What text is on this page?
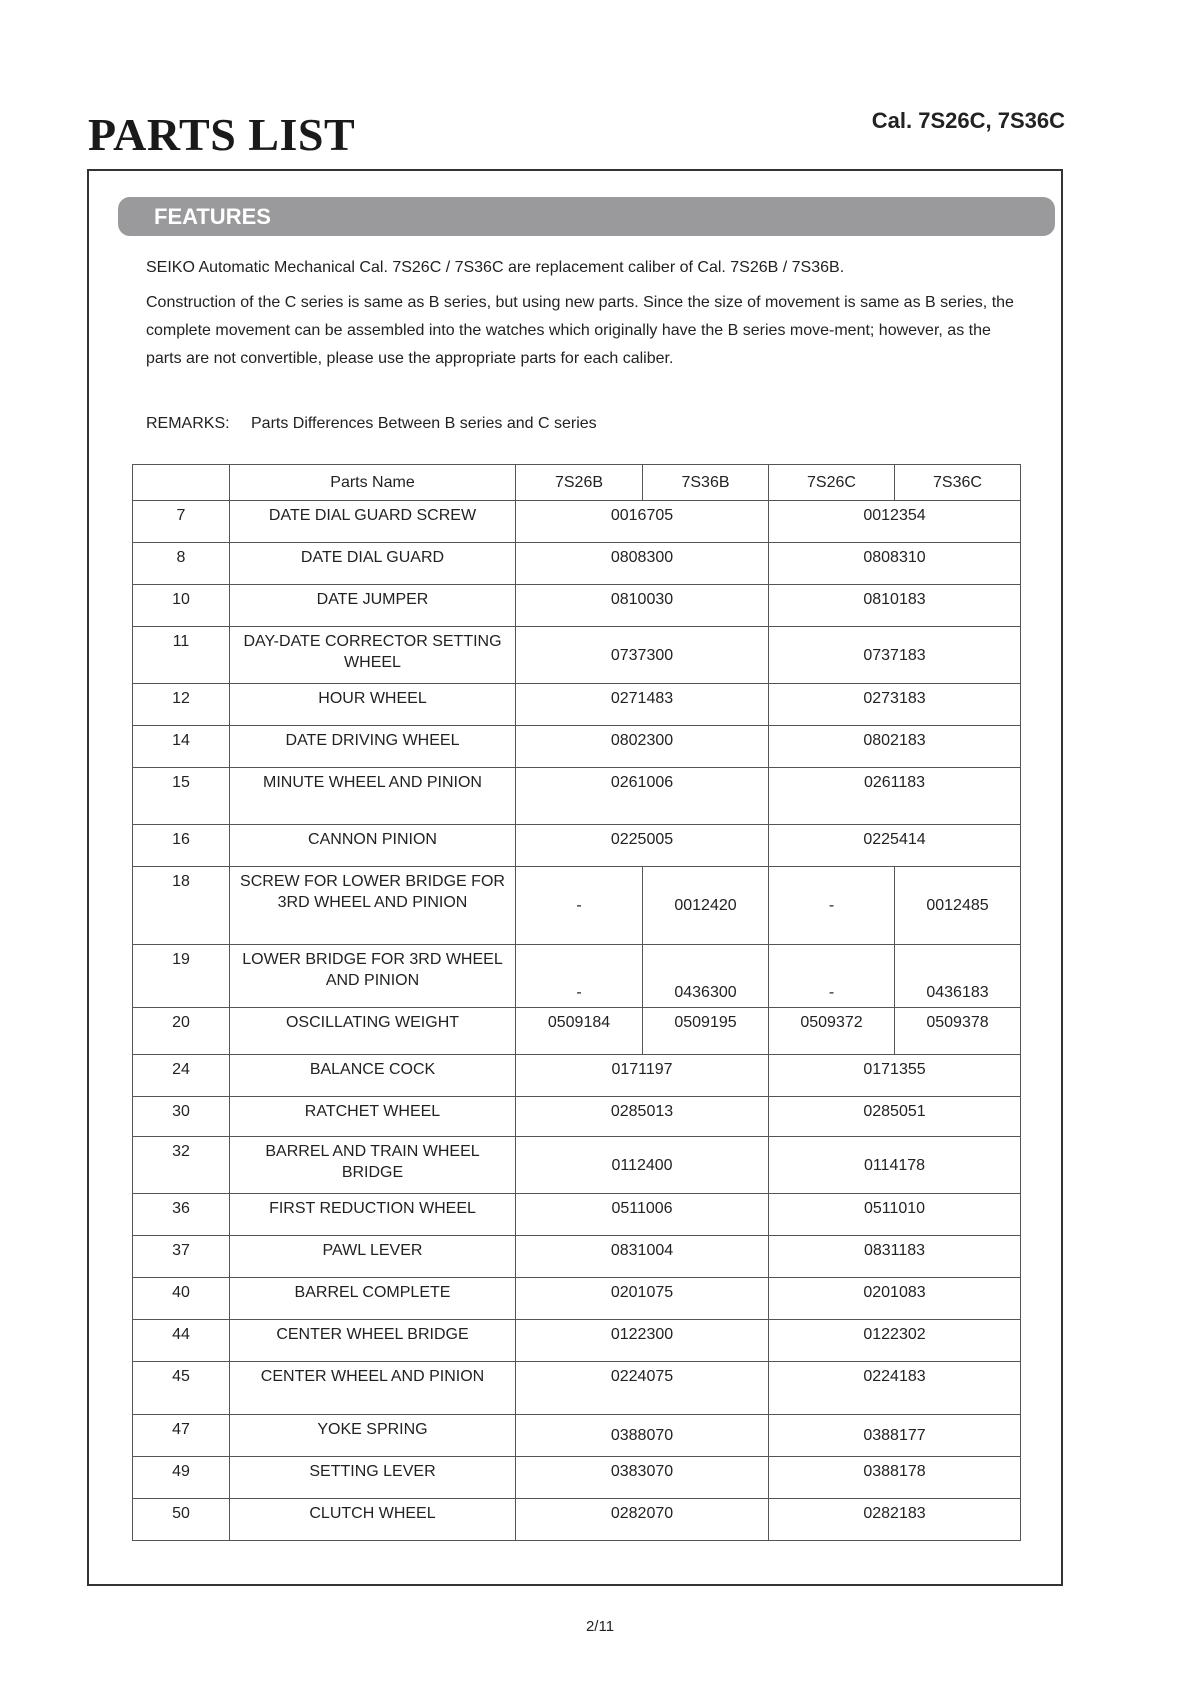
PARTS LIST	Cal. 7S26C, 7S36C
FEATURES

SEIKO Automatic Mechanical Cal. 7S26C / 7S36C are replacement caliber of Cal. 7S26B / 7S36B.

Construction of the C series is same as B series, but using new parts. Since the size of movement is same as B series, the complete movement can be assembled into the watches which originally have the B series move-ment; however, as the parts are not convertible, please use the appropriate parts for each caliber.

REMARKS: Parts Differences Between B series and C series
	Parts Name	7S26B	7S36B	7S26C	7S36C
7	DATE DIAL GUARD SCREW	0016705		0012354	
8	DATE DIAL GUARD	0808300		0808310	
10	DATE JUMPER	0810030		0810183	
11	DAY-DATE CORRECTOR SETTING WHEEL	0737300		0737183	
12	HOUR WHEEL	0271483		0273183	
14	DATE DRIVING WHEEL	0802300		0802183	
15	MINUTE WHEEL AND PINION	0261006		0261183	
16	CANNON PINION	0225005		0225414	
18	SCREW FOR LOWER BRIDGE FOR 3RD WHEEL AND PINION	-	0012420	-	0012485
19	LOWER BRIDGE FOR 3RD WHEEL AND PINION	-	0436300	-	0436183
20	OSCILLATING WEIGHT	0509184	0509195	0509372	0509378
24	BALANCE COCK	0171197		0171355	
30	RATCHET WHEEL	0285013		0285051	
32	BARREL AND TRAIN WHEEL BRIDGE	0112400		0114178	
36	FIRST REDUCTION WHEEL	0511006		0511010	
37	PAWL LEVER	0831004		0831183	
40	BARREL COMPLETE	0201075		0201083	
44	CENTER WHEEL BRIDGE	0122300		0122302	
45	CENTER WHEEL AND PINION	0224075		0224183	
47	YOKE SPRING	0388070		0388177	
49	SETTING LEVER	0383070		0388178	
50	CLUTCH WHEEL	0282070		0282183	
2/11
